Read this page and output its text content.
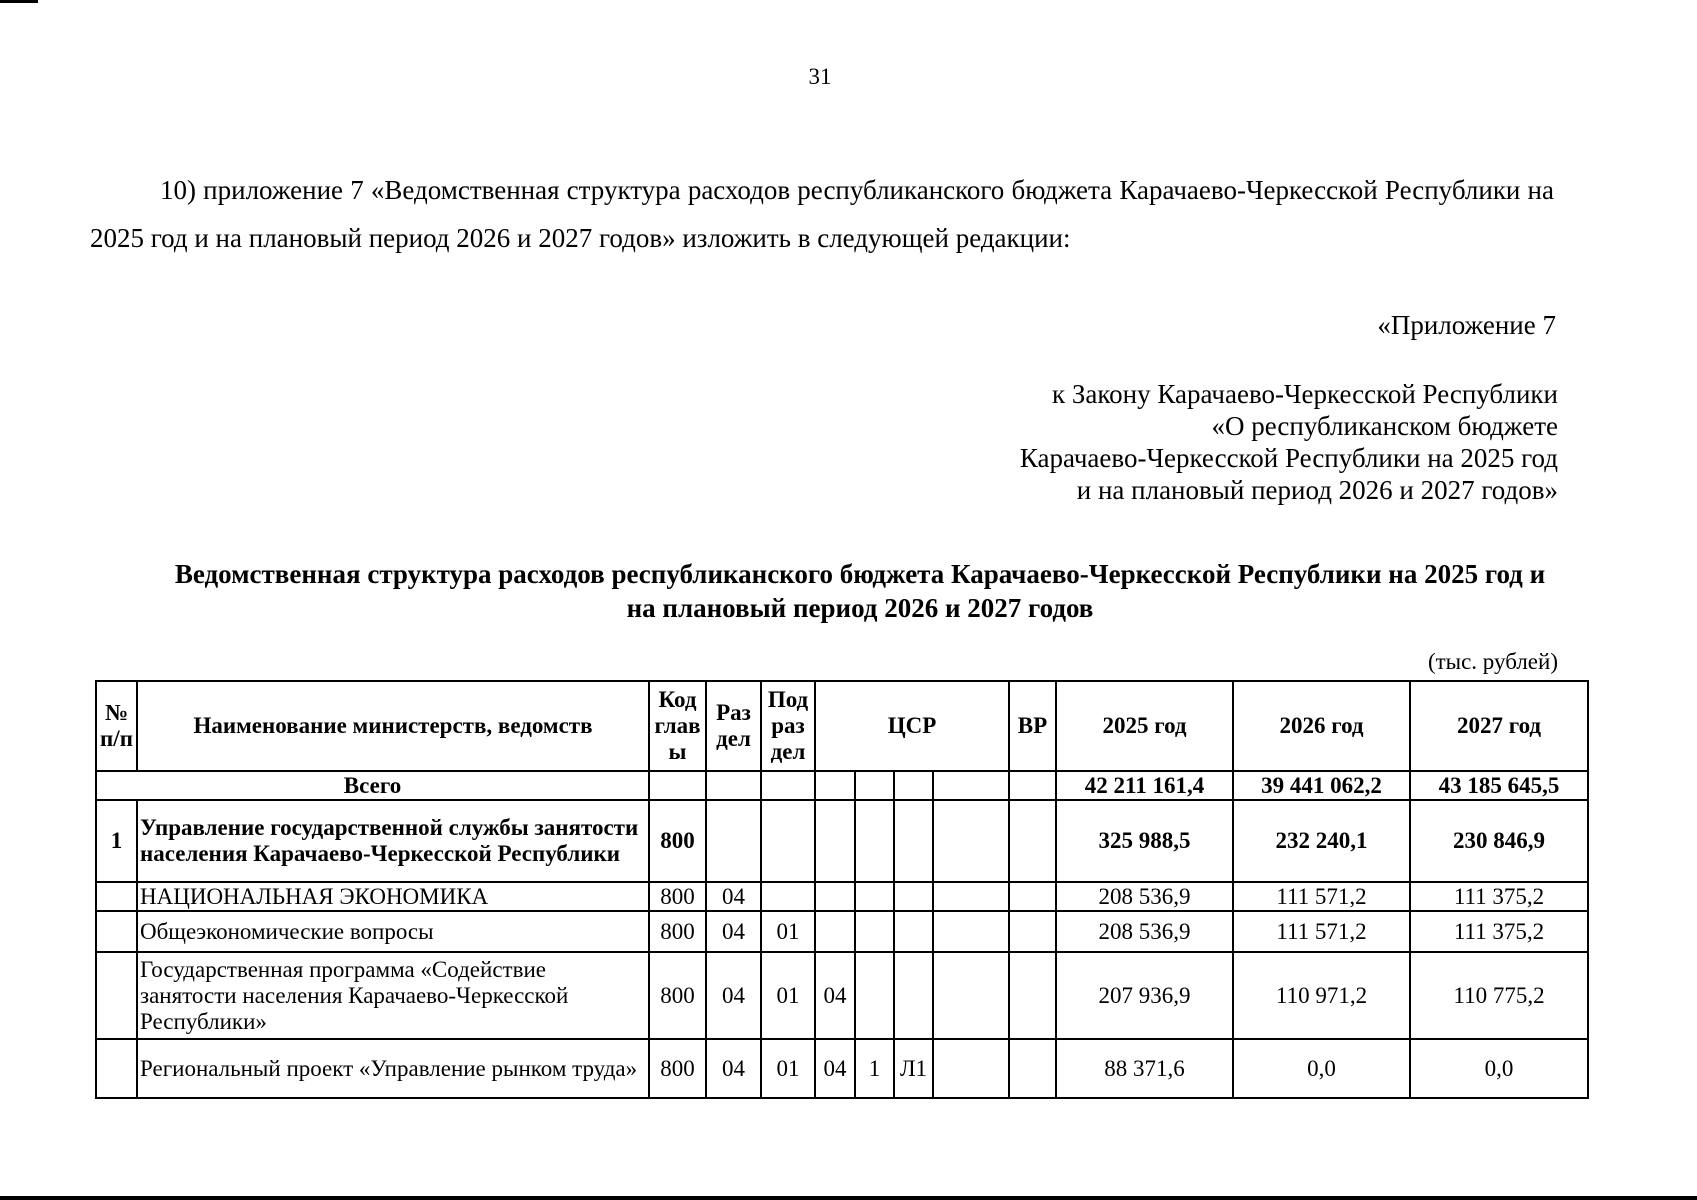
31

10) приложение 7 «Ведомственная структура расходов республиканского бюджета Карачаево-Черкесской Республики на 2025 год и на плановый период 2026 и 2027 годов» изложить в следующей редакции:

«Приложение 7
к Закону Карачаево-Черкесской Республики
«О республиканском бюджете
Карачаево-Черкесской Республики на 2025 год
и на плановый период 2026 и 2027 годов»
Ведомственная структура расходов республиканского бюджета Карачаево-Черкесской Республики на 2025 год и на плановый период 2026 и 2027 годов
(тыс. рублей)
№ п/п	Наименование министерств, ведомств	Код глав ы	Раз дел	Под раз дел	ЦСР				ВР	2025 год	2026 год	2027 год
Всего										42 211 161,4	39 441 062,2	43 185 645,5
1	Управление государственной службы занятости населения Карачаево-Черкесской Республики	800								325 988,5	232 240,1	230 846,9
	НАЦИОНАЛЬНАЯ ЭКОНОМИКА	800	04							208 536,9	111 571,2	111 375,2
	Общеэкономические вопросы	800	04	01						208 536,9	111 571,2	111 375,2
	Государственная программа «Содействие занятости населения Карачаево-Черкесской Республики»	800	04	01	04					207 936,9	110 971,2	110 775,2
	Региональный проект «Управление рынком труда»	800	04	01	04	1	Л1			88 371,6	0,0	0,0
